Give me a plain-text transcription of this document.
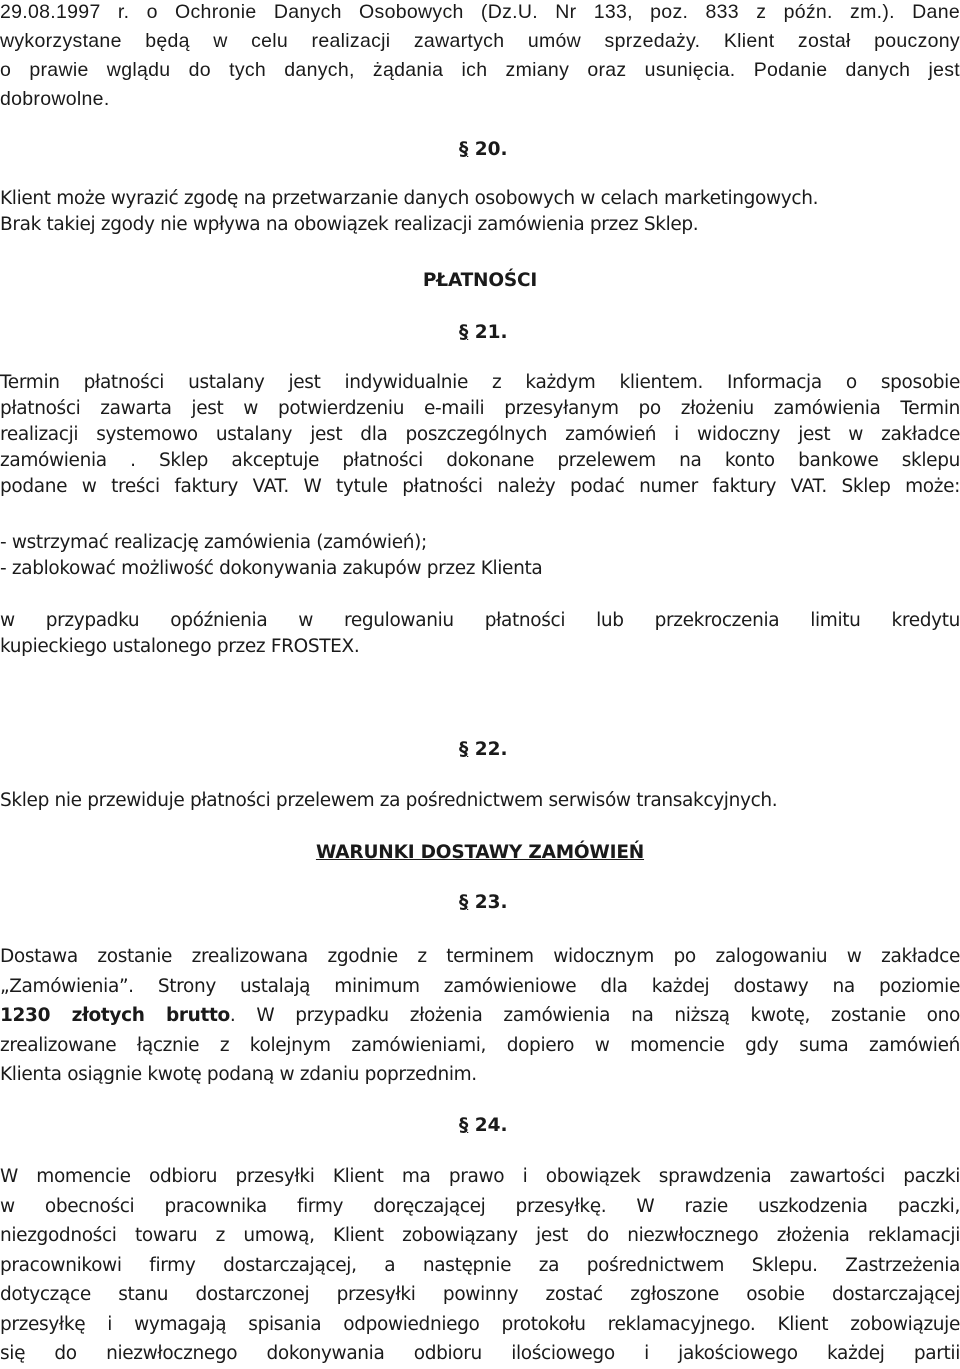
29.08.1997 r. o Ochronie Danych Osobowych (Dz.U. Nr 133, poz. 833 z późn. zm.). Dane
wykorzystane będą w celu realizacji zawartych umów sprzedaży. Klient został pouczony
o prawie wglądu do tych danych, żądania ich zmiany oraz usunięcia. Podanie danych jest
dobrowolne.
§ 20.
Klient może wyrazić zgodę na przetwarzanie danych osobowych w celach marketingowych.
Brak takiej zgody nie wpływa na obowiązek realizacji zamówienia przez Sklep.
PŁATNOŚCI
§ 21.
Termin płatności ustalany jest indywidualnie z każdym klientem. Informacja o sposobie
płatności zawarta jest w potwierdzeniu e-maili przesyłanym po złożeniu zamówienia Termin
realizacji systemowo ustalany jest dla poszczególnych zamówień i widoczny jest w zakładce
zamówienia . Sklep akceptuje płatności dokonane przelewem na konto bankowe sklepu
podane w treści faktury VAT. W tytule płatności należy podać numer faktury VAT. Sklep może:
- wstrzymać realizację zamówienia (zamówień);
- zablokować możliwość dokonywania zakupów przez Klienta
w przypadku opóźnienia w regulowaniu płatności lub przekroczenia limitu kredytu
kupieckiego ustalonego przez FROSTEX.
§ 22.
Sklep nie przewiduje płatności przelewem za pośrednictwem serwisów transakcyjnych.
WARUNKI DOSTAWY ZAMÓWIEŃ
§ 23.
Dostawa zostanie zrealizowana zgodnie z terminem widocznym po zalogowaniu w zakładce
„Zamówienia”. Strony ustalają minimum zamówieniowe dla każdej dostawy na poziomie
1230 złotych brutto. W przypadku złożenia zamówienia na niższą kwotę, zostanie ono
zrealizowane łącznie z kolejnym zamówieniami, dopiero w momencie gdy suma zamówień
Klienta osiągnie kwotę podaną w zdaniu poprzednim.
§ 24.
W momencie odbioru przesyłki Klient ma prawo i obowiązek sprawdzenia zawartości paczki
w obecności pracownika firmy doręczającej przesyłkę. W razie uszkodzenia paczki,
niezgodności towaru z umową, Klient zobowiązany jest do niezwłocznego złożenia reklamacji
pracownikowi firmy dostarczającej, a następnie za pośrednictwem Sklepu. Zastrzeżenia
dotyczące stanu dostarczonej przesyłki powinny zostać zgłoszone osobie dostarczającej
przesyłkę i wymagają spisania odpowiedniego protokołu reklamacyjnego. Klient zobowiązuje
się do niezwłocznego dokonywania odbioru ilościowego i jakościowego każdej partii
